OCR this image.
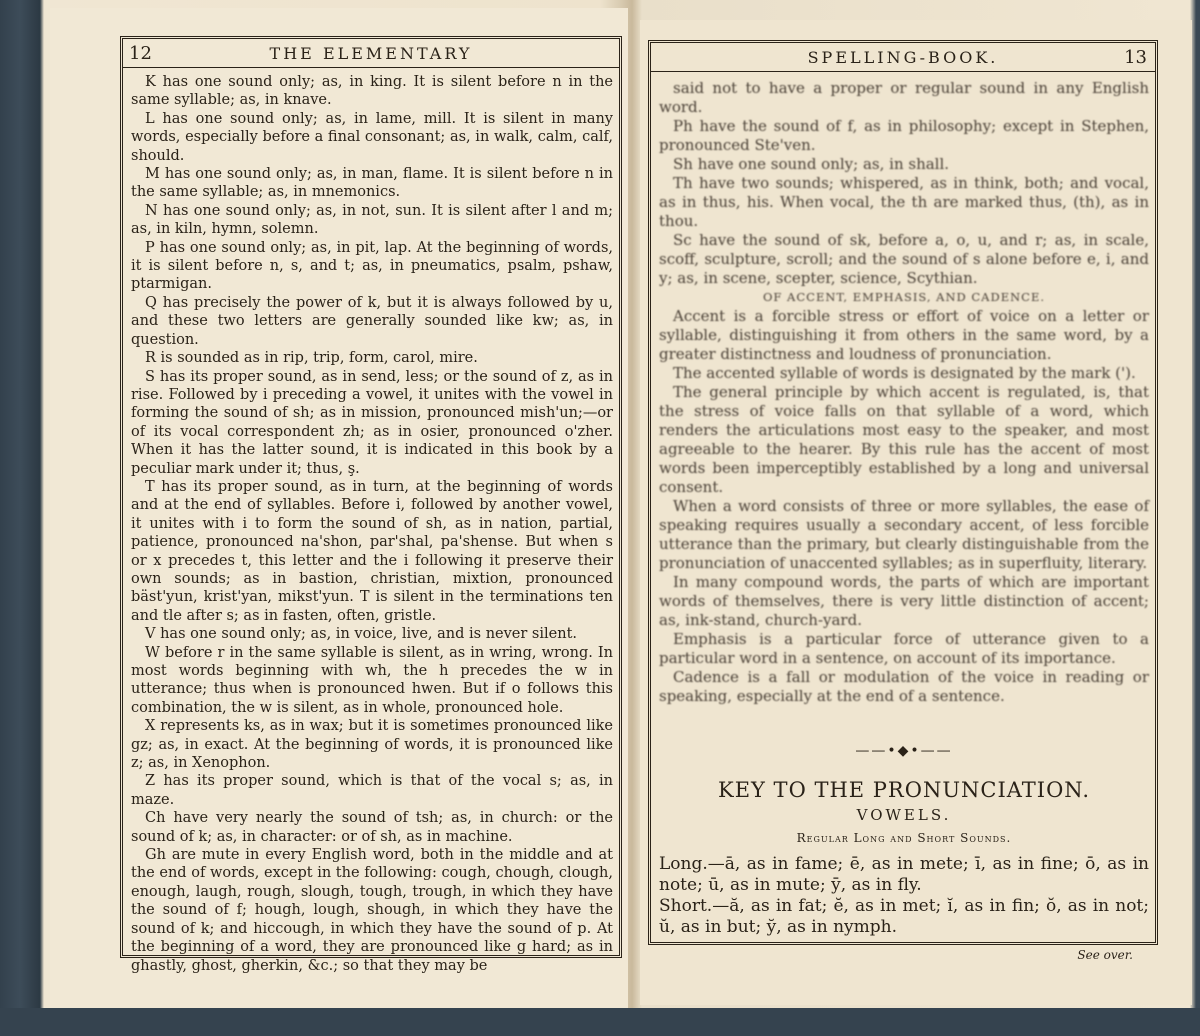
12	THE ELEMENTARY

K has one sound only; as, in king. It is silent before n in the same syllable; as, in knave.

L has one sound only; as, in lame, mill. It is silent in many words, especially before a final consonant; as, in walk, calm, calf, should.

M has one sound only; as, in man, flame. It is silent before n in the same syllable; as, in mnemonics.

N has one sound only; as, in not, sun. It is silent after l and m; as, in kiln, hymn, solemn.

P has one sound only; as, in pit, lap. At the beginning of words, it is silent before n, s, and t; as, in pneumatics, psalm, pshaw, ptarmigan.

Q has precisely the power of k, but it is always followed by u, and these two letters are generally sounded like kw; as, in question.

R is sounded as in rip, trip, form, carol, mire.

S has its proper sound, as in send, less; or the sound of z, as in rise. Followed by i preceding a vowel, it unites with the vowel in forming the sound of sh; as in mission, pronounced mish'un;—or of its vocal correspondent zh; as in osier, pronounced o'zher. When it has the latter sound, it is indicated in this book by a peculiar mark under it; thus, ş.

T has its proper sound, as in turn, at the beginning of words and at the end of syllables. Before i, followed by another vowel, it unites with i to form the sound of sh, as in nation, partial, patience, pronounced na'shon, par'shal, pa'shense. But when s or x precedes t, this letter and the i following it preserve their own sounds; as in bastion, christian, mixtion, pronounced bäst'yun, krist'yan, mikst'yun. T is silent in the terminations ten and tle after s; as in fasten, often, gristle.

V has one sound only; as, in voice, live, and is never silent.

W before r in the same syllable is silent, as in wring, wrong. In most words beginning with wh, the h precedes the w in utterance; thus when is pronounced hwen. But if o follows this combination, the w is silent, as in whole, pronounced hole.

X represents ks, as in wax; but it is sometimes pronounced like gz; as, in exact. At the beginning of words, it is pronounced like z; as, in Xenophon.

Z has its proper sound, which is that of the vocal s; as, in maze.

Ch have very nearly the sound of tsh; as, in church: or the sound of k; as, in character: or of sh, as in machine.

Gh are mute in every English word, both in the middle and at the end of words, except in the following: cough, chough, clough, enough, laugh, rough, slough, tough, trough, in which they have the sound of f; hough, lough, shough, in which they have the sound of k; and hiccough, in which they have the sound of p. At the beginning of a word, they are pronounced like g hard; as in ghastly, ghost, gherkin, &c.; so that they may be

SPELLING-BOOK.	13

said not to have a proper or regular sound in any English word.

Ph have the sound of f, as in philosophy; except in Stephen, pronounced Ste'ven.

Sh have one sound only; as, in shall.

Th have two sounds; whispered, as in think, both; and vocal, as in thus, his. When vocal, the th are marked thus, (th), as in thou.

Sc have the sound of sk, before a, o, u, and r; as, in scale, scoff, sculpture, scroll; and the sound of s alone before e, i, and y; as, in scene, scepter, science, Scythian.

OF ACCENT, EMPHASIS, AND CADENCE.

Accent is a forcible stress or effort of voice on a letter or syllable, distinguishing it from others in the same word, by a greater distinctness and loudness of pronunciation.

The accented syllable of words is designated by the mark (').

The general principle by which accent is regulated, is, that the stress of voice falls on that syllable of a word, which renders the articulations most easy to the speaker, and most agreeable to the hearer. By this rule has the accent of most words been imperceptibly established by a long and universal consent.

When a word consists of three or more syllables, the ease of speaking requires usually a secondary accent, of less forcible utterance than the primary, but clearly distinguishable from the pronunciation of unaccented syllables; as in superfluity, literary.

In many compound words, the parts of which are important words of themselves, there is very little distinction of accent; as, ink-stand, church-yard.

Emphasis is a particular force of utterance given to a particular word in a sentence, on account of its importance.

Cadence is a fall or modulation of the voice in reading or speaking, especially at the end of a sentence.

——•◆•——
KEY TO THE PRONUNCIATION.
VOWELS.
Regular Long and Short Sounds.

Long.—ā, as in fame; ē, as in mete; ī, as in fine; ō, as in note; ū, as in mute; ȳ, as in fly.

Short.—ă, as in fat; ĕ, as in met; ĭ, as in fin; ŏ, as in not; ŭ, as in but; y̆, as in nymph.

See over.
